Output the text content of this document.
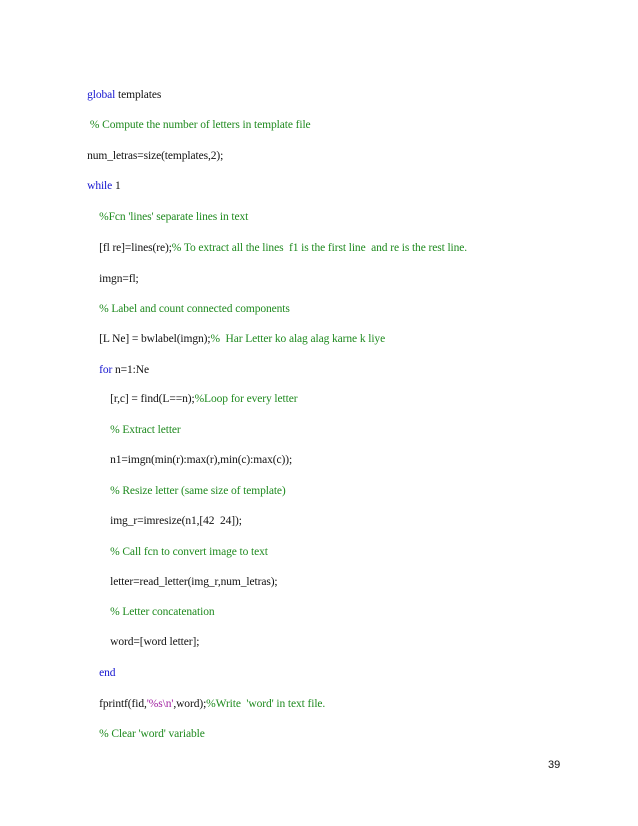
global templates

% Compute the number of letters in template file

num_letras=size(templates,2);

while 1

%Fcn 'lines' separate lines in text

[fl re]=lines(re);% To extract all the lines  f1 is the first line  and re is the rest line.

imgn=fl;

% Label and count connected components

[L Ne] = bwlabel(imgn);%  Har Letter ko alag alag karne k liye

for n=1:Ne

[r,c] = find(L==n);%Loop for every letter

% Extract letter

n1=imgn(min(r):max(r),min(c):max(c));

% Resize letter (same size of template)

img_r=imresize(n1,[42  24]);

% Call fcn to convert image to text

letter=read_letter(img_r,num_letras);

% Letter concatenation

word=[word letter];

end

fprintf(fid,'%s\n',word);%Write  'word' in text file.

% Clear 'word' variable

39
